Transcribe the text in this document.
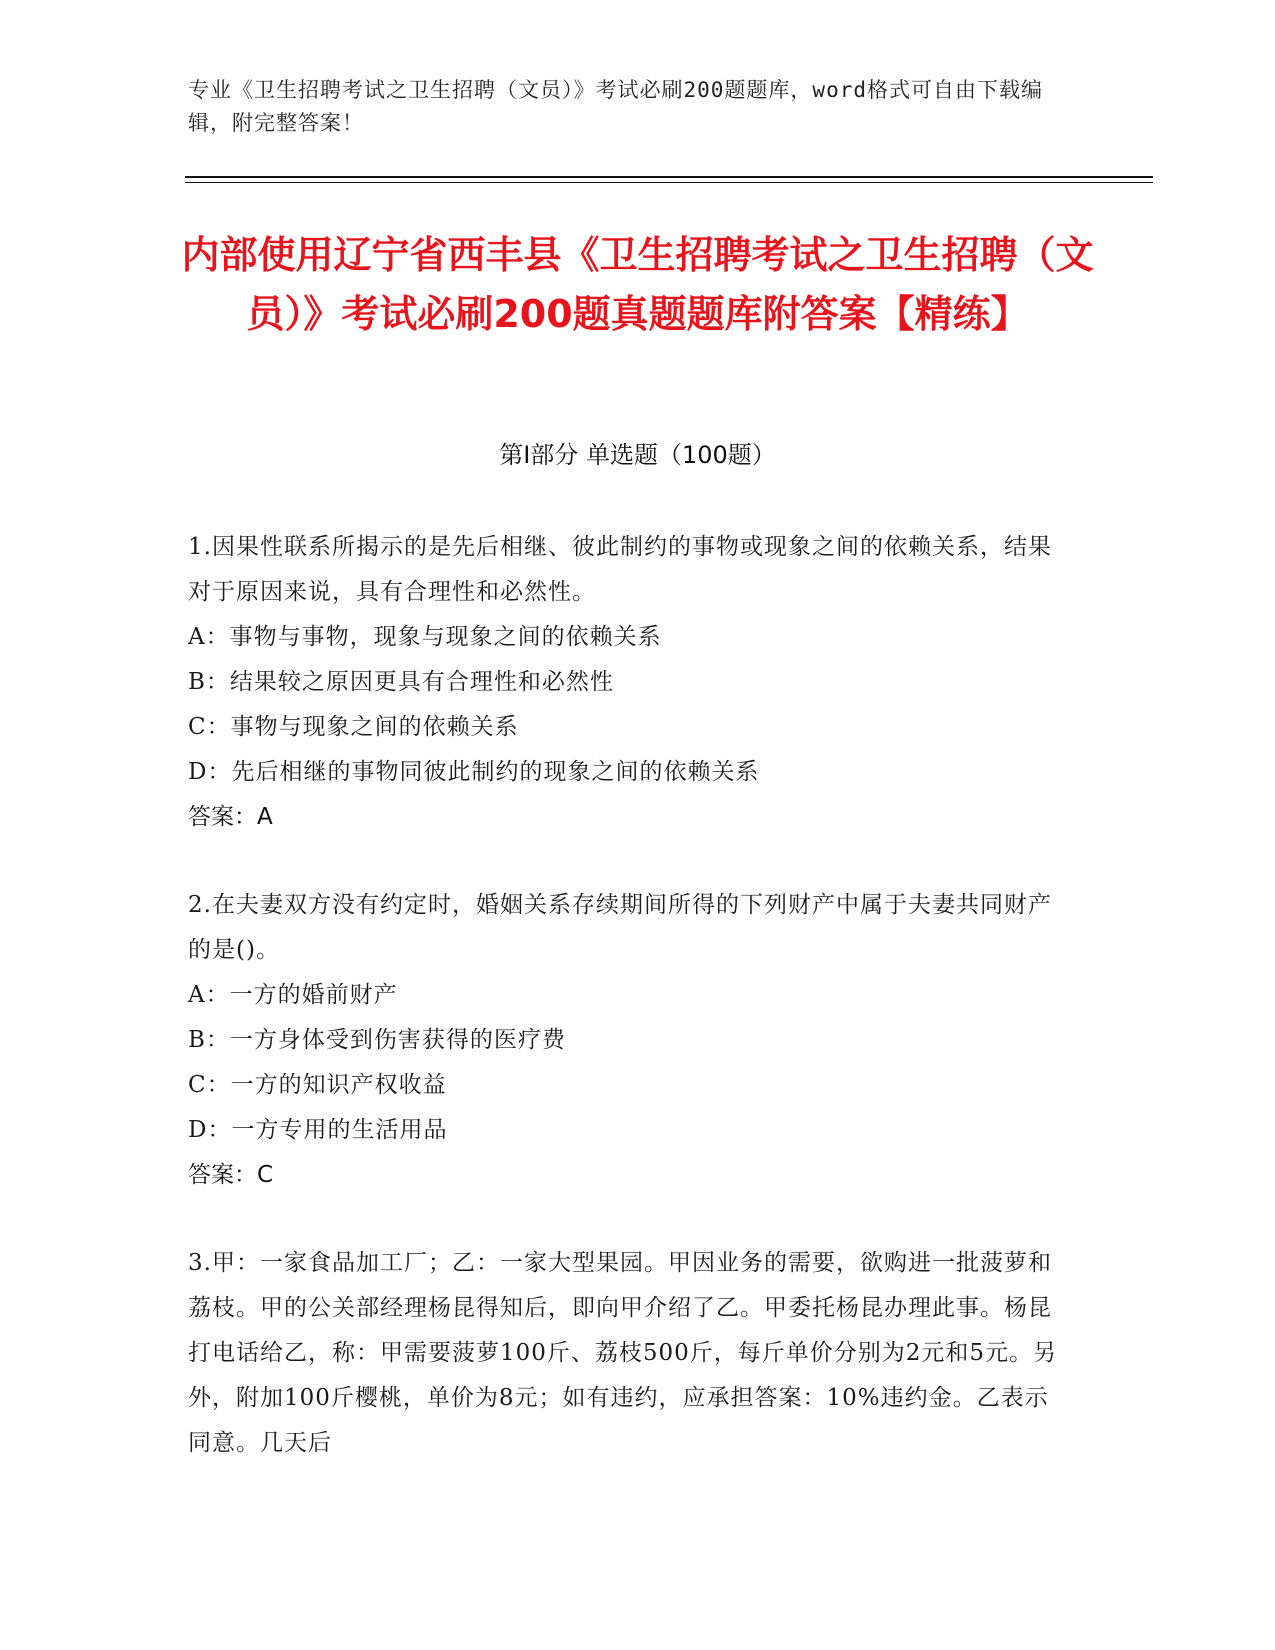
专业《卫生招聘考试之卫生招聘（文员）》考试必刷200题题库，word格式可自由下载编辑，附完整答案！
内部使用辽宁省西丰县《卫生招聘考试之卫生招聘（文员）》考试必刷200题真题题库附答案【精练】
第I部分 单选题（100题）
1.因果性联系所揭示的是先后相继、彼此制约的事物或现象之间的依赖关系，结果对于原因来说，具有合理性和必然性。
A：事物与事物，现象与现象之间的依赖关系
B：结果较之原因更具有合理性和必然性
C：事物与现象之间的依赖关系
D：先后相继的事物同彼此制约的现象之间的依赖关系
答案：A
2.在夫妻双方没有约定时，婚姻关系存续期间所得的下列财产中属于夫妻共同财产的是()。
A：一方的婚前财产
B：一方身体受到伤害获得的医疗费
C：一方的知识产权收益
D：一方专用的生活用品
答案：C
3.甲：一家食品加工厂；乙：一家大型果园。甲因业务的需要，欲购进一批菠萝和荔枝。甲的公关部经理杨昆得知后，即向甲介绍了乙。甲委托杨昆办理此事。杨昆打电话给乙，称：甲需要菠萝100斤、荔枝500斤，每斤单价分别为2元和5元。另外，附加100斤樱桃，单价为8元；如有违约，应承担答案：10%违约金。乙表示同意。几天后
